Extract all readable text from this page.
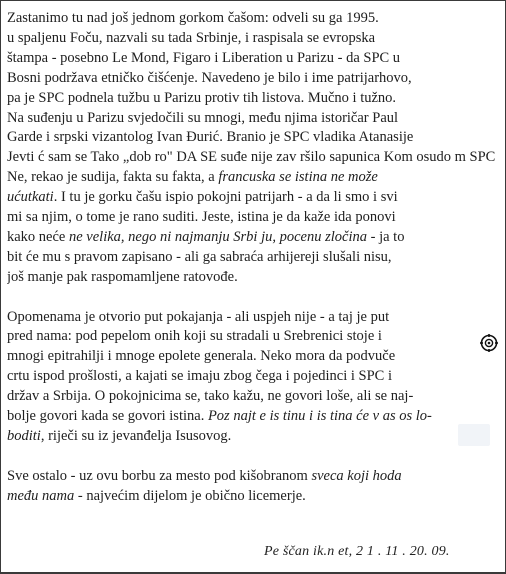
Zastanimo tu nad još jednom gorkom čašom: odveli su ga 1995.
u spaljenu Foču, nazvali su tada Srbinje, i raspisala se evropska
štampa - posebno Le Mond, Figaro i Liberation u Parizu - da SPC u
Bosni podržava etničko čišćenje. Navedeno je bilo i ime patrijarhovo,
pa je SPC podnela tužbu u Parizu protiv tih listova. Mučno i tužno.
Na suđenju u Parizu svjedočili su mnogi, među njima istoričar Paul
Garde i srpski vizantolog Ivan Đurić. Branio je SPC vladika Atanasije
Jevti ć sam se Tako „dob ro" DA SE suđe nije zav ršilo sapunica Kom osudo m SPC
Ne, rekao je sudija, fakta su fakta, a francuska se istina ne može
ućutkati. I tu je gorku čašu ispio pokojni patrijarh - a da li smo i svi
mi sa njim, o tome je rano suditi. Jeste, istina je da kaže ida ponovi
kako neće ne velika, nego ni najmanju Srbi ju, pocenu zločina - ja to
bit će mu s pravom zapisano - ali ga sabraća arhijereji slušali nisu,
još manje pak raspomamljene ratovođe.

Opomenama je otvorio put pokajanja - ali uspjeh nije - a taj je put
pred nama: pod pepelom onih koji su stradali u Srebrenici stoje i
mnogi epitrahilji i mnoge epolete generala. Neko mora da podvuče
crtu ispod prošlosti, a kajati se imaju zbog čega i pojedinci i SPC i
držav a Srbija. O pokojnicima se, tako kažu, ne govori loše, ali se naj-
bolje govori kada se govori istina. Poz najt e is tinu i is tina će v as os lo-
boditi, riječi su iz jevanđelja Isusovog.

Sve ostalo - uz ovu borbu za mesto pod kišobranom sveca koji hoda
među nama - najvećim dijelom je obično licemerje.

Pe ščan ik.n et, 2 1 . 11 . 20. 09.
